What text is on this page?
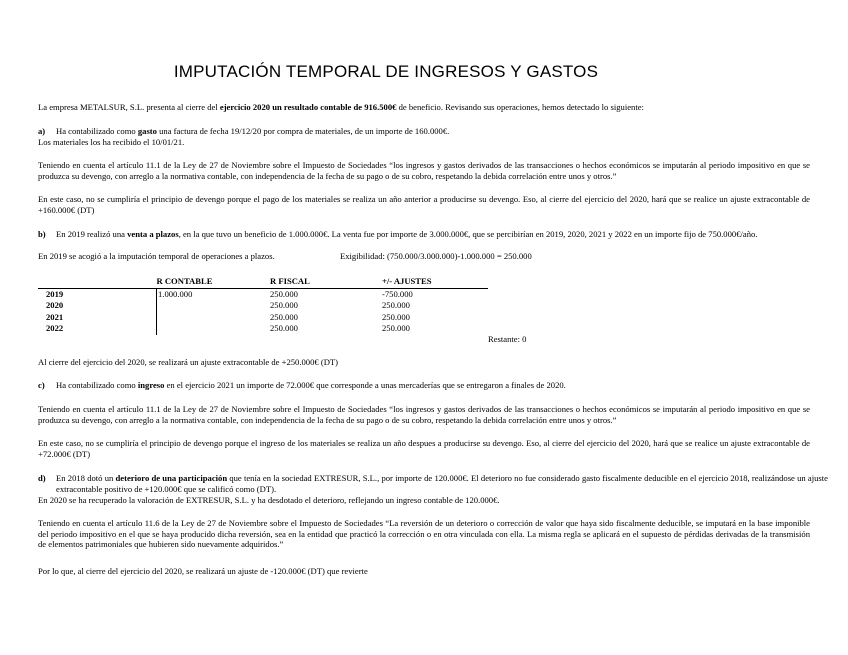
IMPUTACIÓN TEMPORAL DE INGRESOS Y GASTOS
La empresa METALSUR, S.L. presenta al cierre del ejercicio 2020 un resultado contable de 916.500€ de beneficio. Revisando sus operaciones, hemos detectado lo siguiente:
a) Ha contabilizado como gasto una factura de fecha 19/12/20 por compra de materiales, de un importe de 160.000€.
Los materiales los ha recibido el 10/01/21.
Teniendo en cuenta el artículo 11.1 de la Ley de 27 de Noviembre sobre el Impuesto de Sociedades “los ingresos y gastos derivados de las transacciones o hechos económicos se imputarán al periodo impositivo en que se produzca su devengo, con arreglo a la normativa contable, con independencia de la fecha de su pago o de su cobro, respetando la debida correlación entre unos y otros.”
En este caso, no se cumpliría el principio de devengo porque el pago de los materiales se realiza un año anterior a producirse su devengo. Eso, al cierre del ejercicio del 2020, hará que se realice un ajuste extracontable de +160.000€ (DT)
b) En 2019 realizó una venta a plazos, en la que tuvo un beneficio de 1.000.000€. La venta fue por importe de 3.000.000€, que se percibirían en 2019, 2020, 2021 y 2022 en un importe fijo de 750.000€/año.
En 2019 se acogió a la imputación temporal de operaciones a plazos.	Exigibilidad: (750.000/3.000.000)-1.000.000 = 250.000
	R CONTABLE	R FISCAL	+/- AJUSTES
2019	1.000.000	250.000	-750.000
2020		250.000	250.000
2021		250.000	250.000
2022		250.000	250.000
Restante: 0
Al cierre del ejercicio del 2020, se realizará un ajuste extracontable de +250.000€ (DT)
c) Ha contabilizado como ingreso en el ejercicio 2021 un importe de 72.000€ que corresponde a unas mercaderías que se entregaron a finales de 2020.
Teniendo en cuenta el artículo 11.1 de la Ley de 27 de Noviembre sobre el Impuesto de Sociedades “los ingresos y gastos derivados de las transacciones o hechos económicos se imputarán al periodo impositivo en que se produzca su devengo, con arreglo a la normativa contable, con independencia de la fecha de su pago o de su cobro, respetando la debida correlación entre unos y otros.”
En este caso, no se cumpliría el principio de devengo porque el ingreso de los materiales se realiza un año despues a producirse su devengo. Eso, al cierre del ejercicio del 2020, hará que se realice un ajuste extracontable de +72.000€ (DT)
d) En 2018 dotó un deterioro de una participación que tenía en la sociedad EXTRESUR, S.L., por importe de 120.000€. El deterioro no fue considerado gasto fiscalmente deducible en el ejercicio 2018, realizándose un ajuste extracontable positivo de +120.000€ que se calificó como (DT).
En 2020 se ha recuperado la valoración de EXTRESUR, S.L. y ha desdotado el deterioro, reflejando un ingreso contable de 120.000€.
Teniendo en cuenta el artículo 11.6 de la Ley de 27 de Noviembre sobre el Impuesto de Sociedades “La reversión de un deterioro o corrección de valor que haya sido fiscalmente deducible, se imputará en la base imponible del periodo impositivo en el que se haya producido dicha reversión, sea en la entidad que practicó la corrección o en otra vinculada con ella. La misma regla se aplicará en el supuesto de pérdidas derivadas de la transmisión de elementos patrimoniales que hubieren sido nuevamente adquiridos.”
Por lo que, al cierre del ejercicio del 2020, se realizará un ajuste de -120.000€ (DT) que revierte
